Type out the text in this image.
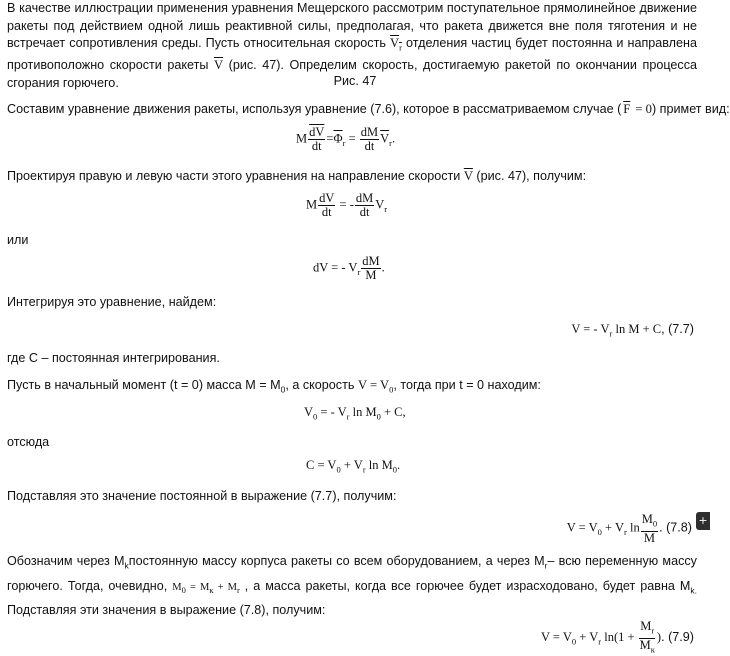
В качестве иллюстрации применения уравнения Мещерского рассмотрим поступательное прямолинейное движение ракеты под действием одной лишь реактивной силы, предполагая, что ракета движется вне поля тяготения и не встречает сопротивления среды. Пусть относительная скорость $V_r$ отделения частиц будет постоянна и направлена противоположно скорости ракеты $\overline{V}$ (рис. 47). Определим скорость, достигаемую ракетой по окончании процесса сгорания горючего.	Рис. 47
Составим уравнение движения ракеты, используя уравнение (7.6), которое в рассматриваемом случае ( $\overline{F} = 0$) примет вид:
M $\frac{\overline{dV}}{dt} =\overline{\Phi}_r = \frac{dM}{dt} \overline{V}_r$.
Проектируя правую и левую части этого уравнения на направление скорости $\overline{V}$ (рис. 47), получим:
M $\frac{dV}{dt}$ = - $\frac{dM}{dt} V_r$
или
dV = - $V_r \frac{dM}{M}$ .
Интегрируя это уравнение, найдем:
V = - $V_r$ ln M + C, (7.7)
где С – постоянная интегрирования.
Пусть в начальный момент (t = 0) масса $M = M_0$, а скорость $V = V_0$, тогда при t = 0 находим:
$V_0$ = - $V_r$ $\ln M_0 + C$,
отсюда
$C = V_0 + V_r$ $\ln M_0$.
Подставляя это значение постоянной в выражение (7.7), получим:
$V = V_0 + V_r$ $\ln \frac{M_0}{M}$ . (7.8)
+
Обозначим через $M_kпостоянную$ массу корпуса ракеты со всем оборудованием, а через $M_r-$ всю переменную массу горючего. Тогда, очевидно, $M_0 = M_к + M_r$ , а масса ракеты, когда все горючее будет израсходовано, будет равна $M_{k.}$ Подставляя эти значения в выражение (7.8), получим:
$V = V_0 + V_r$ $\ln(1 + \frac{M_r}{M_к}$ ). (7.9)
